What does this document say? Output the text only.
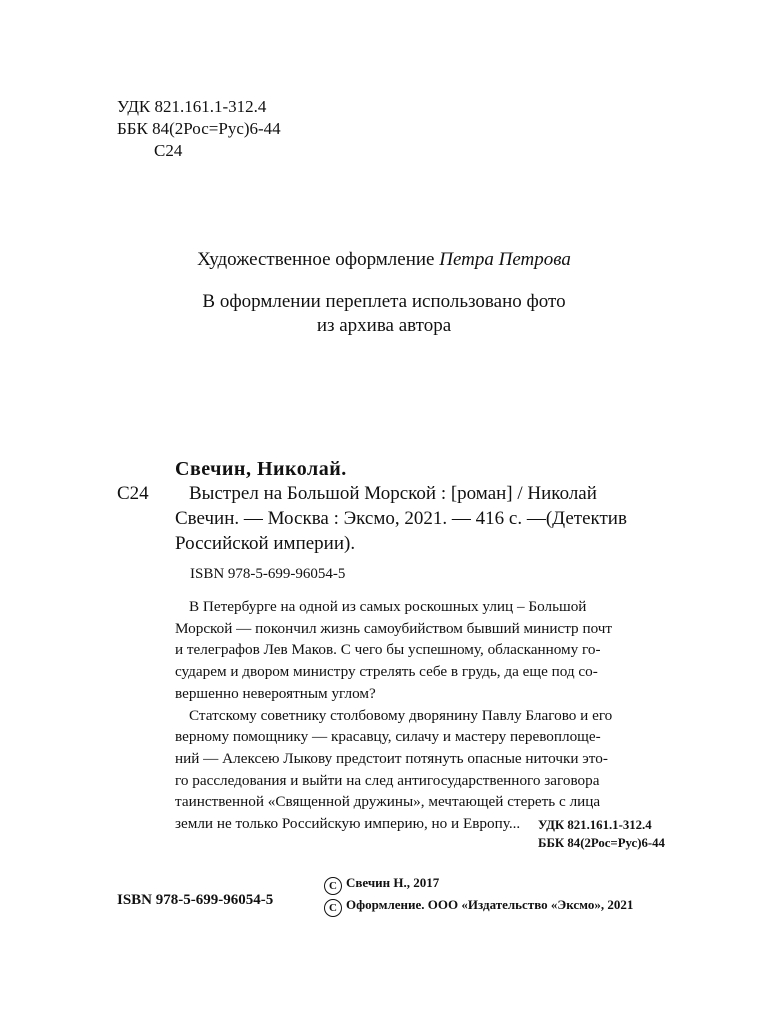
УДК 821.161.1-312.4
ББК 84(2Рос=Рус)6-44
С24
Художественное оформление Петра Петрова
В оформлении переплета использовано фото
из архива автора
Свечин, Николай.
С24	Выстрел на Большой Морской : [роман] / Николай
Свечин. — Москва : Эксмо, 2021. — 416 с. —(Детектив
Российской империи).
ISBN 978-5-699-96054-5
В Петербурге на одной из самых роскошных улиц – Большой
Морской — покончил жизнь самоубийством бывший министр почт
и телеграфов Лев Маков. С чего бы успешному, обласканному го-
сударем и двором министру стрелять себе в грудь, да еще под со-
вершенно невероятным углом?
Статскому советнику столбовому дворянину Павлу Благово и его
верному помощнику — красавцу, силачу и мастеру перевоплоще-
ний — Алексею Лыкову предстоит потянуть опасные ниточки это-
го расследования и выйти на след антигосударственного заговора
таинственной «Священной дружины», мечтающей стереть с лица
земли не только Российскую империю, но и Европу...	УДК 821.161.1-312.4
ББК 84(2Рос=Рус)6-44
ISBN 978-5-699-96054-5
C Свечин Н., 2017
C Оформление. ООО «Издательство «Эксмо», 2021
